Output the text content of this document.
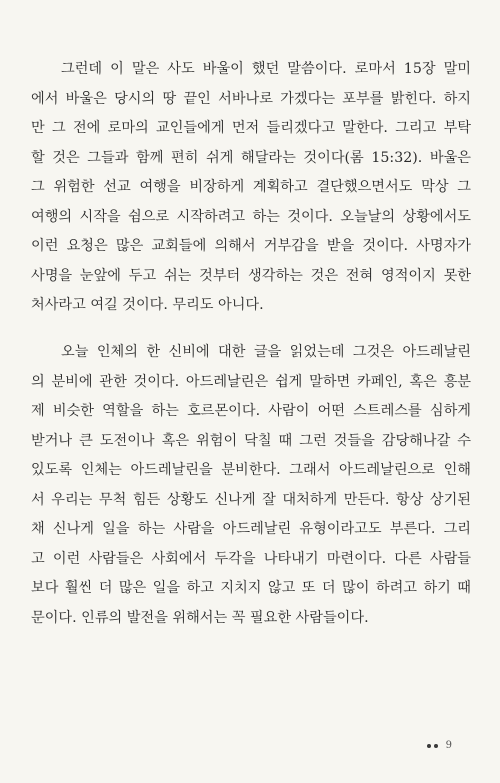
그런데 이 말은 사도 바울이 했던 말씀이다. 로마서 15장 말미
에서 바울은 당시의 땅 끝인 서바나로 가겠다는 포부를 밝힌다. 하지
만 그 전에 로마의 교인들에게 먼저 들리겠다고 말한다. 그리고 부탁
할 것은 그들과 함께 편히 쉬게 해달라는 것이다(롬 15:32). 바울은
그 위험한 선교 여행을 비장하게 계획하고 결단했으면서도 막상 그
여행의 시작을 쉼으로 시작하려고 하는 것이다. 오늘날의 상황에서도
이런 요청은 많은 교회들에 의해서 거부감을 받을 것이다. 사명자가
사명을 눈앞에 두고 쉬는 것부터 생각하는 것은 전혀 영적이지 못한
처사라고 여길 것이다. 무리도 아니다.
오늘 인체의 한 신비에 대한 글을 읽었는데 그것은 아드레날린
의 분비에 관한 것이다. 아드레날린은 쉽게 말하면 카페인, 혹은 흥분
제 비슷한 역할을 하는 호르몬이다. 사람이 어떤 스트레스를 심하게
받거나 큰 도전이나 혹은 위험이 닥칠 때 그런 것들을 감당해나갈 수
있도록 인체는 아드레날린을 분비한다. 그래서 아드레날린으로 인해
서 우리는 무척 힘든 상황도 신나게 잘 대처하게 만든다. 항상 상기된
채 신나게 일을 하는 사람을 아드레날린 유형이라고도 부른다. 그리
고 이런 사람들은 사회에서 두각을 나타내기 마련이다. 다른 사람들
보다 훨씬 더 많은 일을 하고 지치지 않고 또 더 많이 하려고 하기 때
문이다. 인류의 발전을 위해서는 꼭 필요한 사람들이다.
9
